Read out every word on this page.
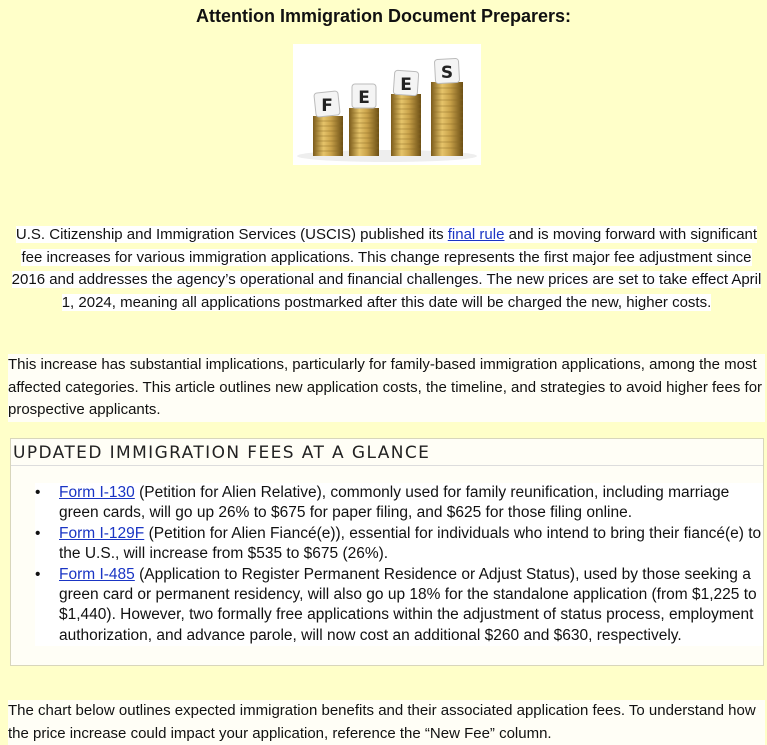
Attention Immigration Document Preparers:
F E
E
S
U.S. Citizenship and Immigration Services (USCIS) published its final rule and is moving forward with significant fee increases for various immigration applications. This change represents the first major fee adjustment since 2016 and addresses the agency’s operational and financial challenges. The new prices are set to take effect April 1, 2024, meaning all applications postmarked after this date will be charged the new, higher costs.
This increase has substantial implications, particularly for family-based immigration applications, among the most affected categories. This article outlines new application costs, the timeline, and strategies to avoid higher fees for prospective applicants.
UPDATED IMMIGRATION FEES AT A GLANCE
• Form I-130 (Petition for Alien Relative), commonly used for family reunification, including marriage green cards, will go up 26% to $675 for paper filing, and $625 for those filing online.
• Form I-129F (Petition for Alien Fiancé(e)), essential for individuals who intend to bring their fiancé(e) to the U.S., will increase from $535 to $675 (26%).
• Form I-485 (Application to Register Permanent Residence or Adjust Status), used by those seeking a green card or permanent residency, will also go up 18% for the standalone application (from $1,225 to $1,440). However, two formally free applications within the adjustment of status process, employment authorization, and advance parole, will now cost an additional $260 and $630, respectively.
The chart below outlines expected immigration benefits and their associated application fees. To understand how the price increase could impact your application, reference the “New Fee” column.
